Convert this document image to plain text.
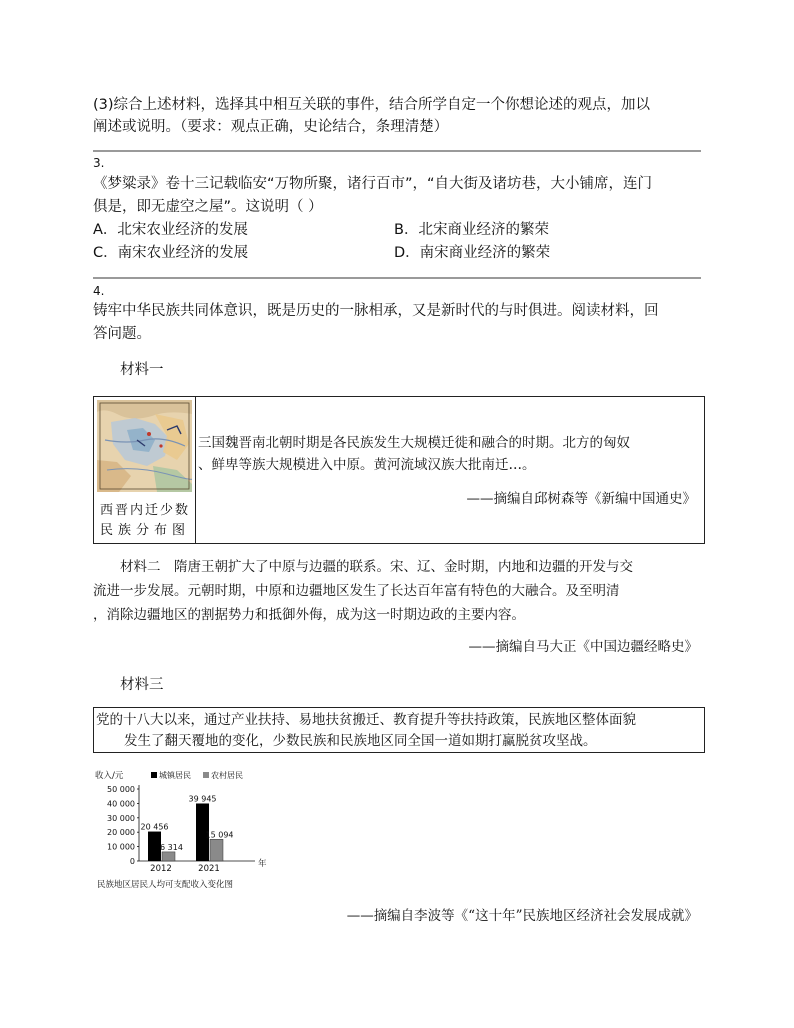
(3)综合上述材料，选择其中相互关联的事件，结合所学自定一个你想论述的观点，加以
阐述或说明。（要求：观点正确，史论结合，条理清楚）
3.
《梦粱录》卷十三记载临安“万物所聚，诸行百市”，“自大街及诸坊巷，大小铺席，连门
俱是，即无虚空之屋”。这说明（ ）
A．北宋农业经济的发展	B．北宋商业经济的繁荣
C．南宋农业经济的发展	D．南宋商业经济的繁荣
4.
铸牢中华民族共同体意识，既是历史的一脉相承，又是新时代的与时俱进。阅读材料，回
答问题。
材料一
西晋内迁少数
民族分布图
三国魏晋南北朝时期是各民族发生大规模迁徙和融合的时期。北方的匈奴
、鲜卑等族大规模进入中原。黄河流域汉族大批南迁…。
——摘编自邱树森等《新编中国通史》
材料二　隋唐王朝扩大了中原与边疆的联系。宋、辽、金时期，内地和边疆的开发与交
流进一步发展。元朝时期，中原和边疆地区发生了长达百年富有特色的大融合。及至明清
，消除边疆地区的割据势力和抵御外侮，成为这一时期边政的主要内容。
——摘编自马大正《中国边疆经略史》
材料三
党的十八大以来，通过产业扶持、易地扶贫搬迁、教育提升等扶持政策，民族地区整体面貌
发生了翻天覆地的变化，少数民族和民族地区同全国一道如期打赢脱贫攻坚战。
收入/元	城镇居民	农村居民
0
10 000
20 000
30 000
40 000
50 000
20 456
6 314
2012
39 945
15 094
2021	年
民族地区居民人均可支配收入变化图
——摘编自李波等《“这十年”民族地区经济社会发展成就》
